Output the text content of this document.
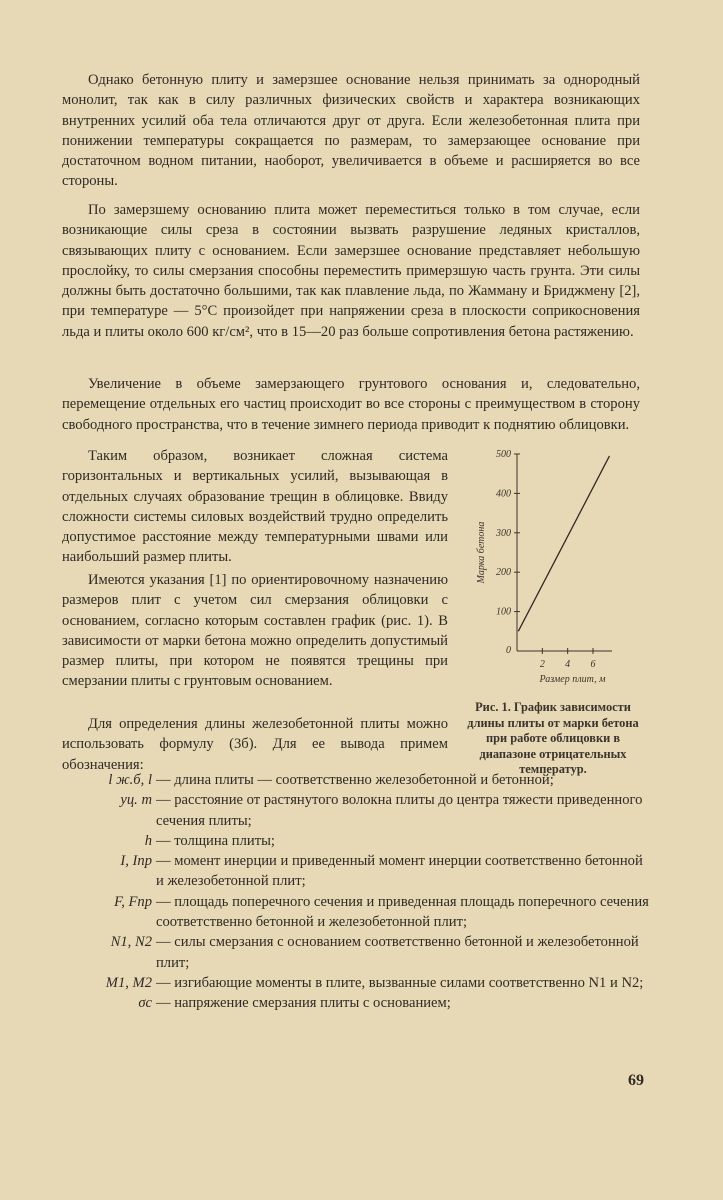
Однако бетонную плиту и замерзшее основание нельзя принимать за однородный монолит, так как в силу различных физических свойств и характера возникающих внутренних усилий оба тела отличаются друг от друга. Если железобетонная плита при понижении температуры сокращается по размерам, то замерзающее основание при достаточном водном питании, наоборот, увеличивается в объеме и расширяется во все стороны.

По замерзшему основанию плита может переместиться только в том случае, если возникающие силы среза в состоянии вызвать разрушение ледяных кристаллов, связывающих плиту с основанием. Если замерзшее основание представляет небольшую прослойку, то силы смерзания способны переместить примерзшую часть грунта. Эти силы должны быть достаточно большими, так как плавление льда, по Жамману и Бриджмену [2], при температуре — 5°С произойдет при напряжении среза в плоскости соприкосновения льда и плиты около 600 кг/см², что в 15—20 раз больше сопротивления бетона растяжению.

Увеличение в объеме замерзающего грунтового основания и, следовательно, перемещение отдельных его частиц происходит во все стороны с преимуществом в сторону свободного пространства, что в течение зимнего периода приводит к поднятию облицовки.

Таким образом, возникает сложная система горизонтальных и вертикальных усилий, вызывающая в отдельных случаях образование трещин в облицовке. Ввиду сложности системы силовых воздействий трудно определить допустимое расстояние между температурными швами или наибольший размер плиты.

Имеются указания [1] по ориентировочному назначению размеров плит с учетом сил смерзания облицовки с основанием, согласно которым составлен график (рис. 1). В зависимости от марки бетона можно определить допустимый размер плиты, при котором не появятся трещины при смерзании плиты с грунтовым основанием.

Для определения длины железобетонной плиты можно использовать формулу (3б). Для ее вывода примем обозначения:

100
200
300
400
500
2 4 6
0
Размер плит, м
Марка бетона
Рис. 1. График зависимости длины плиты от марки бетона при работе облицовки в диапазоне отрицательных температур.
l ж.б, l — длина плиты — соответственно железобетонной и бетонной;
yц. т — расстояние от растянутого волокна плиты до центра тяжести приведенного сечения плиты;
h — толщина плиты;
I, Iпр — момент инерции и приведенный момент инерции соответственно бетонной и железобетонной плит;
F, Fпр — площадь поперечного сечения и приведенная площадь поперечного сечения соответственно бетонной и железобетонной плит;
N1, N2 — силы смерзания с основанием соответственно бетонной и железобетонной плит;
M1, M2 — изгибающие моменты в плите, вызванные силами соответственно N1 и N2;
σc — напряжение смерзания плиты с основанием;
69
